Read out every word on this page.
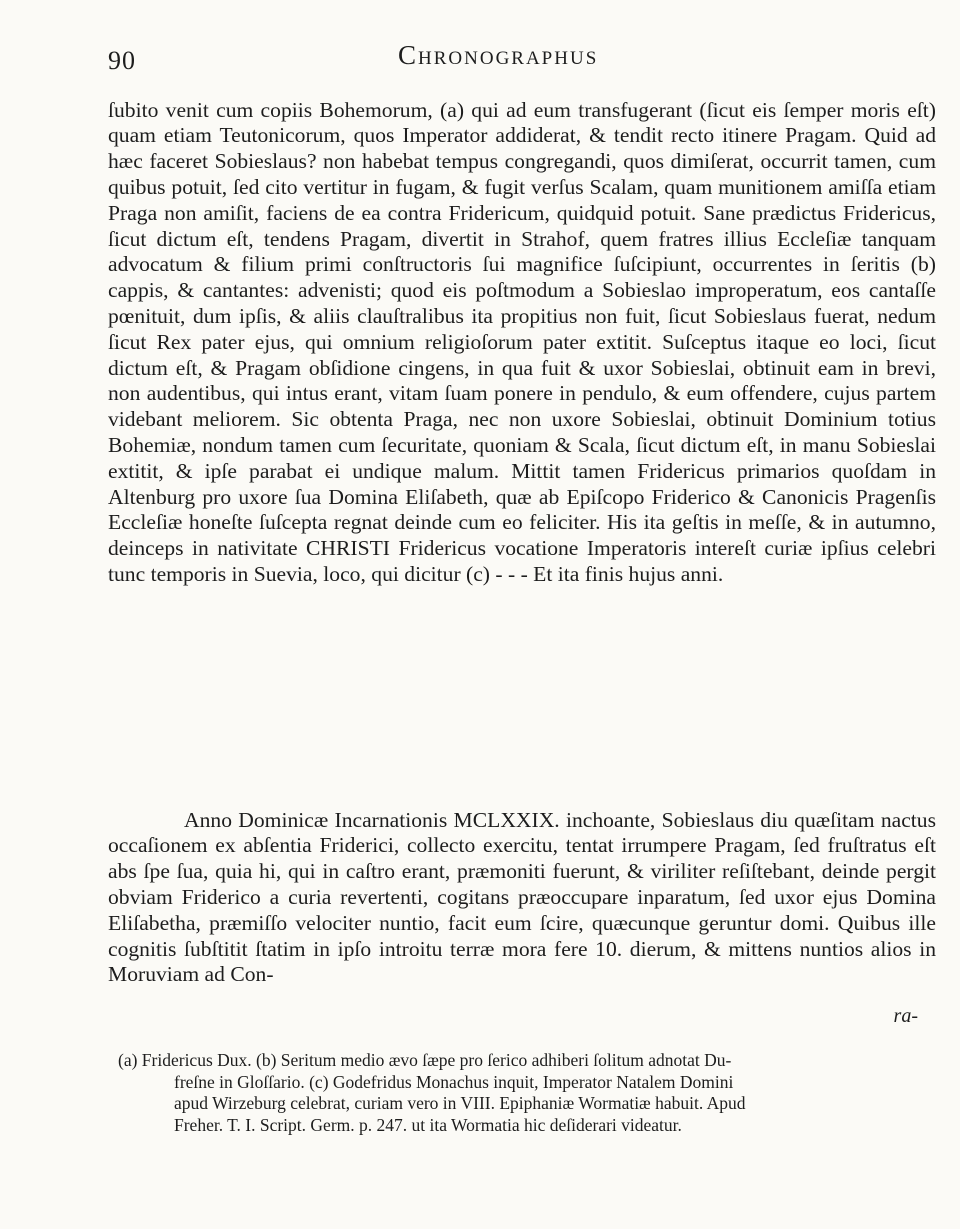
90	Chronographus

ſubito venit cum copiis Bohemorum, (a) qui ad eum transfugerant (ſicut eis ſemper moris eſt) quam etiam Teutonicorum, quos Imperator addiderat, & tendit recto itinere Pragam. Quid ad hæc faceret Sobieslaus? non habebat tempus congregandi, quos dimiſerat, occurrit tamen, cum quibus potuit, ſed cito vertitur in fugam, & fugit verſus Scalam, quam munitionem amiſſa etiam Praga non amiſit, faciens de ea contra Fridericum, quidquid potuit. Sane prædictus Fridericus, ſicut dictum eſt, tendens Pragam, divertit in Strahof, quem fratres illius Eccleſiæ tanquam advocatum & filium primi conſtructoris ſui magnifice ſuſcipiunt, occurrentes in ſeritis (b) cappis, & cantantes: advenisti; quod eis poſtmodum a Sobieslao improperatum, eos cantaſſe pœnituit, dum ipſis, & aliis clauſtralibus ita propitius non fuit, ſicut Sobieslaus fuerat, nedum ſicut Rex pater ejus, qui omnium religioſorum pater extitit. Suſceptus itaque eo loci, ſicut dictum eſt, & Pragam obſidione cingens, in qua fuit & uxor Sobieslai, obtinuit eam in brevi, non audentibus, qui intus erant, vitam ſuam ponere in pendulo, & eum offendere, cujus partem videbant meliorem. Sic obtenta Praga, nec non uxore Sobieslai, obtinuit Dominium totius Bohemiæ, nondum tamen cum ſecuritate, quoniam & Scala, ſicut dictum eſt, in manu Sobieslai extitit, & ipſe parabat ei undique malum. Mittit tamen Fridericus primarios quoſdam in Altenburg pro uxore ſua Domina Eliſabeth, quæ ab Epiſcopo Friderico & Canonicis Pragenſis Eccleſiæ honeſte ſuſcepta regnat deinde cum eo feliciter. His ita geſtis in meſſe, & in autumno, deinceps in nativitate CHRISTI Fridericus vocatione Imperatoris intereſt curiæ ipſius celebri tunc temporis in Suevia, loco, qui dicitur (c) - - - Et ita finis hujus anni.

Anno Dominicæ Incarnationis MCLXXIX. inchoante, Sobieslaus diu quæſitam nactus occaſionem ex abſentia Friderici, collecto exercitu, tentat irrumpere Pragam, ſed fruſtratus eſt abs ſpe ſua, quia hi, qui in caſtro erant, præmoniti fuerunt, & viriliter reſiſtebant, deinde pergit obviam Friderico a curia revertenti, cogitans præoccupare inparatum, ſed uxor ejus Domina Eliſabetha, præmiſſo velociter nuntio, facit eum ſcire, quæcunque geruntur domi. Quibus ille cognitis ſubſtitit ſtatim in ipſo introitu terræ mora fere 10. dierum, & mittens nuntios alios in Moruviam ad Con-

ra-
(a) Fridericus Dux. (b) Seritum medio ævo ſæpe pro ſerico adhiberi ſolitum adnotat Du-
freſne in Gloſſario. (c) Godefridus Monachus inquit, Imperator Natalem Domini
apud Wirzeburg celebrat, curiam vero in VIII. Epiphaniæ Wormatiæ habuit. Apud
Freher. T. I. Script. Germ. p. 247. ut ita Wormatia hic deſiderari videatur.
